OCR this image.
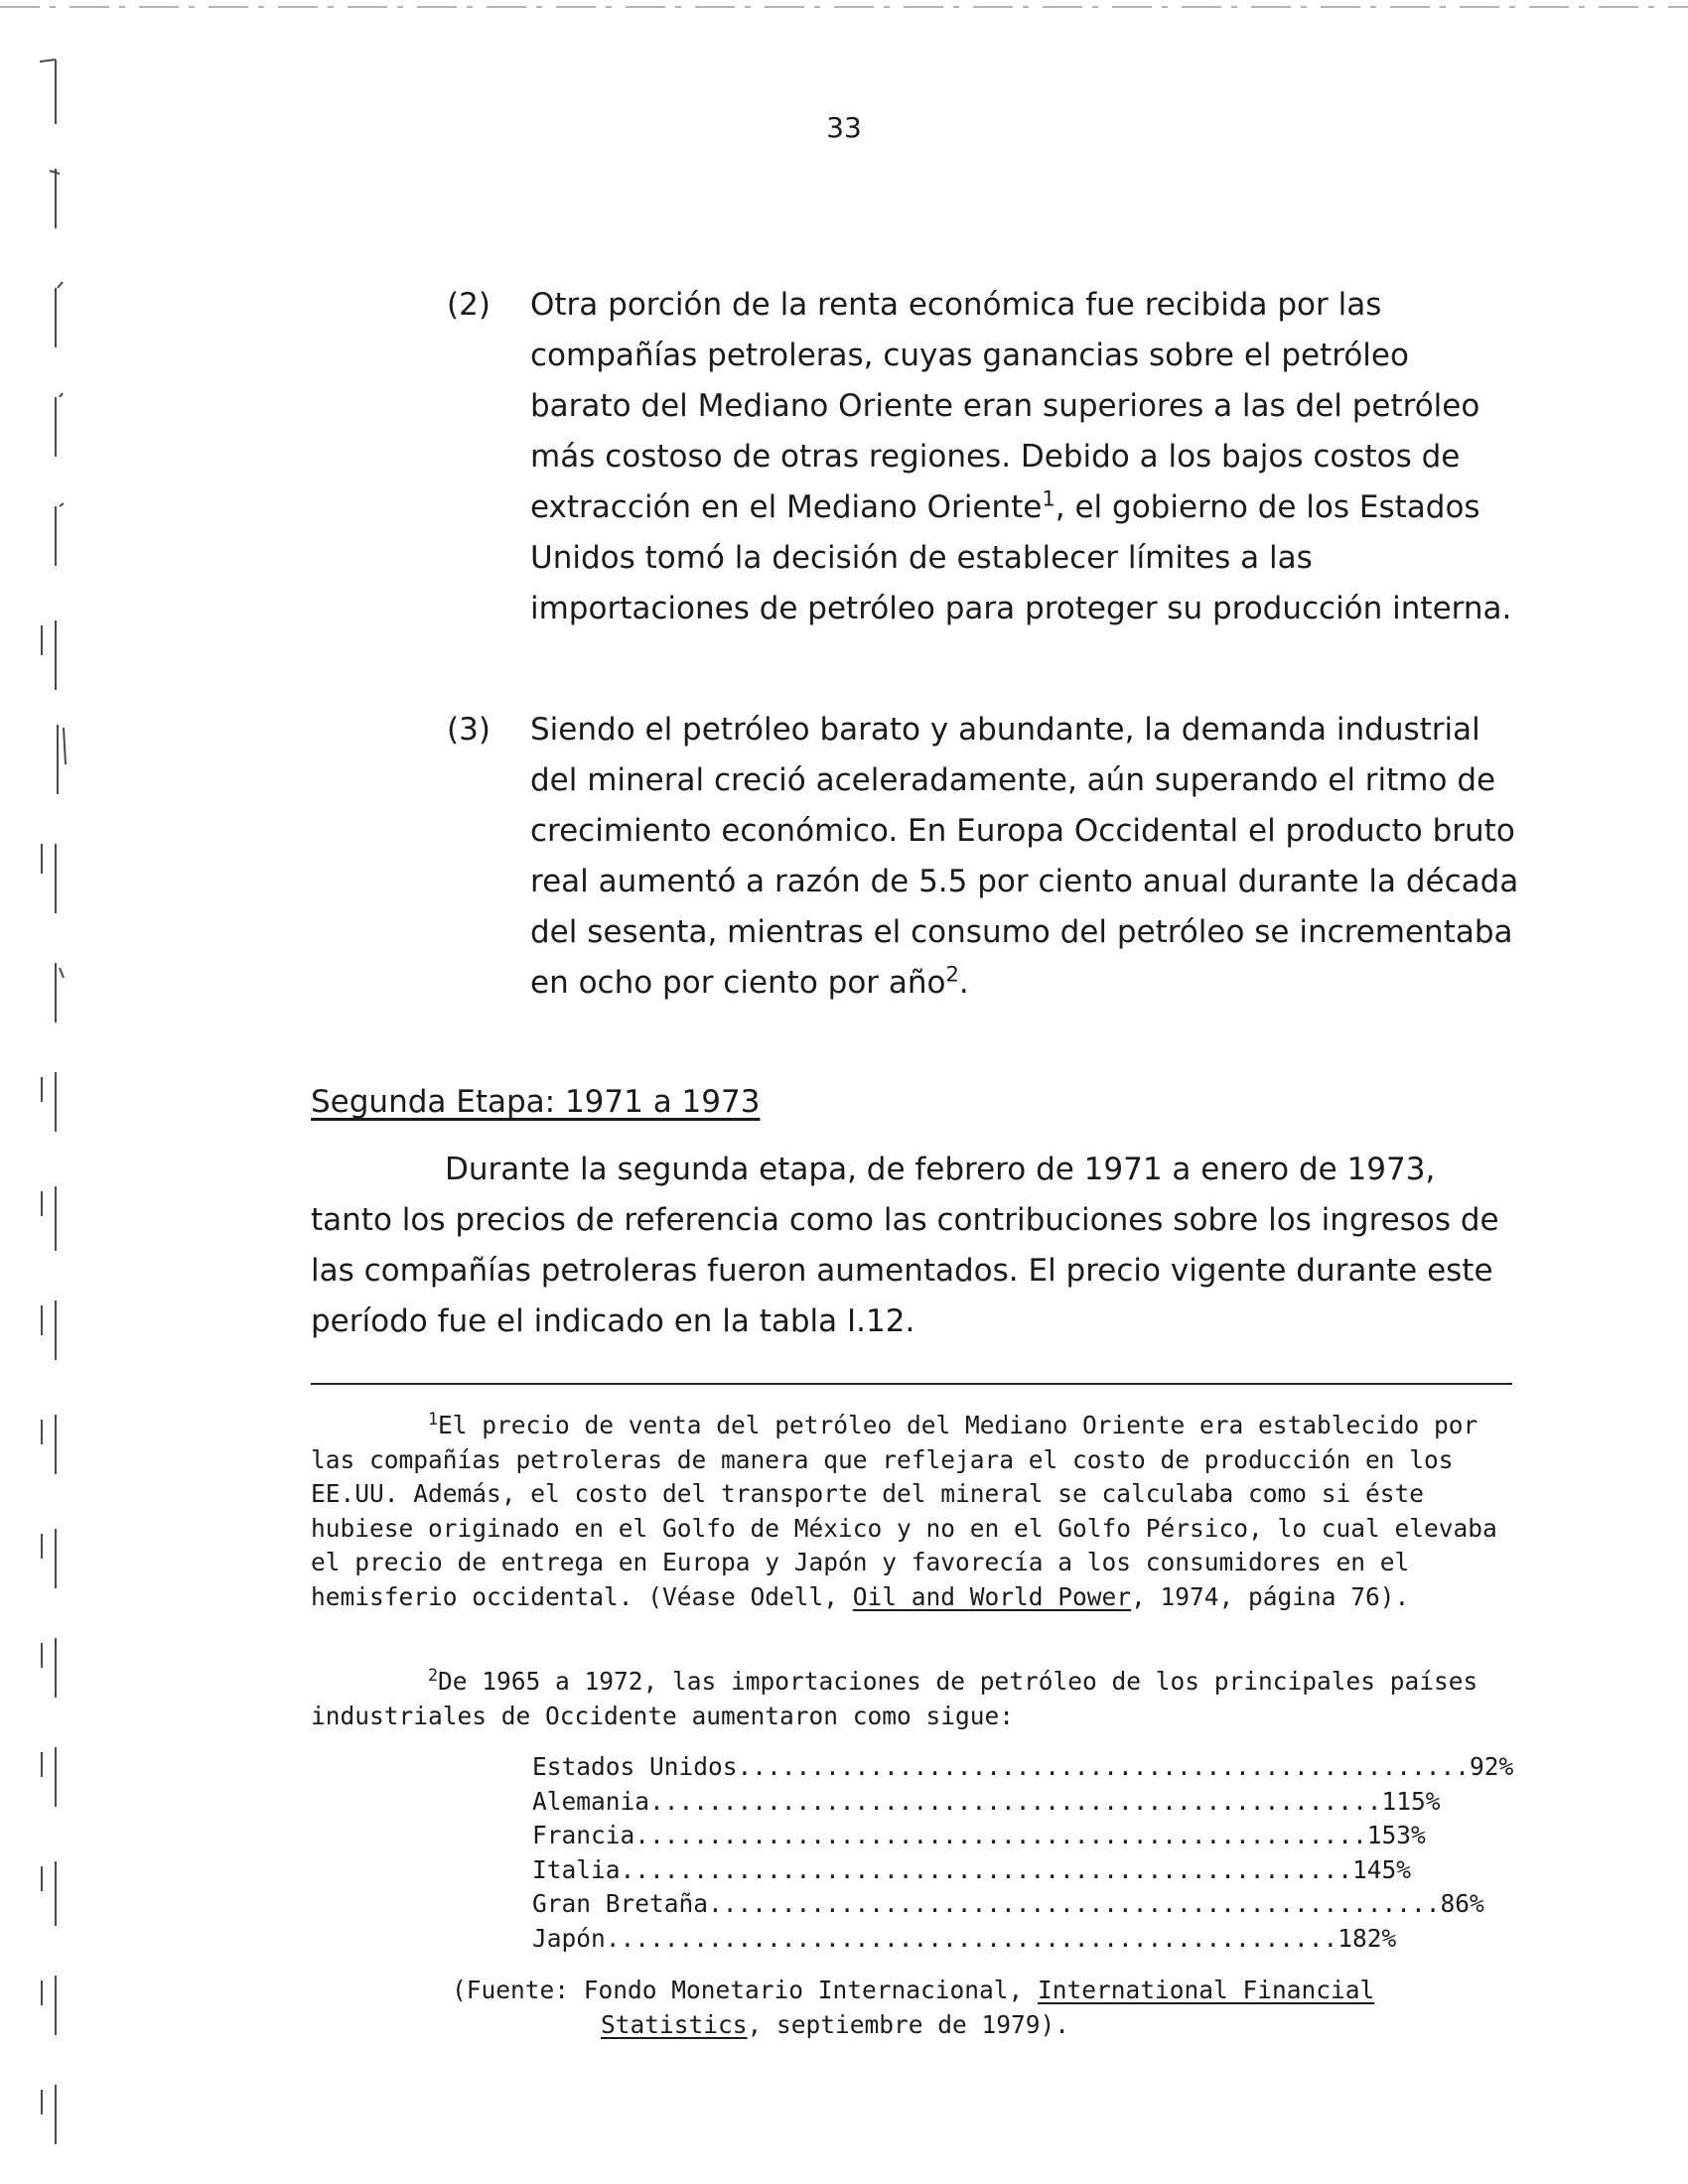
33
(2) Otra porción de la renta económica fue recibida por las compañías petroleras, cuyas ganancias sobre el petróleo barato del Mediano Oriente eran superiores a las del petróleo más costoso de otras regiones. Debido a los bajos costos de extracción en el Mediano Oriente$^1$, el gobierno de los Estados Unidos tomó la decisión de establecer límites a las importaciones de petróleo para proteger su producción interna.
(3) Siendo el petróleo barato y abundante, la demanda industrial del mineral creció aceleradamente, aún superando el ritmo de crecimiento económico. En Europa Occidental el producto bruto real aumentó a razón de 5.5 por ciento anual durante la década del sesenta, mientras el consumo del petróleo se incrementaba en ocho por ciento por año$^2$.
Segunda Etapa: 1971 a 1973
Durante la segunda etapa, de febrero de 1971 a enero de 1973, tanto los precios de referencia como las contribuciones sobre los ingresos de las compañías petroleras fueron aumentados. El precio vigente durante este período fue el indicado en la tabla I.12.
$^1$El precio de venta del petróleo del Mediano Oriente era establecido por las compañías petroleras de manera que reflejara el costo de producción en los EE.UU. Además, el costo del transporte del mineral se calculaba como si éste hubiese originado en el Golfo de México y no en el Golfo Pérsico, lo cual elevaba el precio de entrega en Europa y Japón y favorecía a los consumidores en el hemisferio occidental. (Véase Odell, Oil and World Power, 1974, página 76).
$^2$De 1965 a 1972, las importaciones de petróleo de los principales países industriales de Occidente aumentaron como sigue:
Estados Unidos.................................................. 92%
Alemania.................................................. 115%
Francia.................................................. 153%
Italia.................................................. 145%
Gran Bretaña.................................................. 86%
Japón.................................................. 182%
(Fuente: Fondo Monetario Internacional, International Financial
Statistics, septiembre de 1979).
